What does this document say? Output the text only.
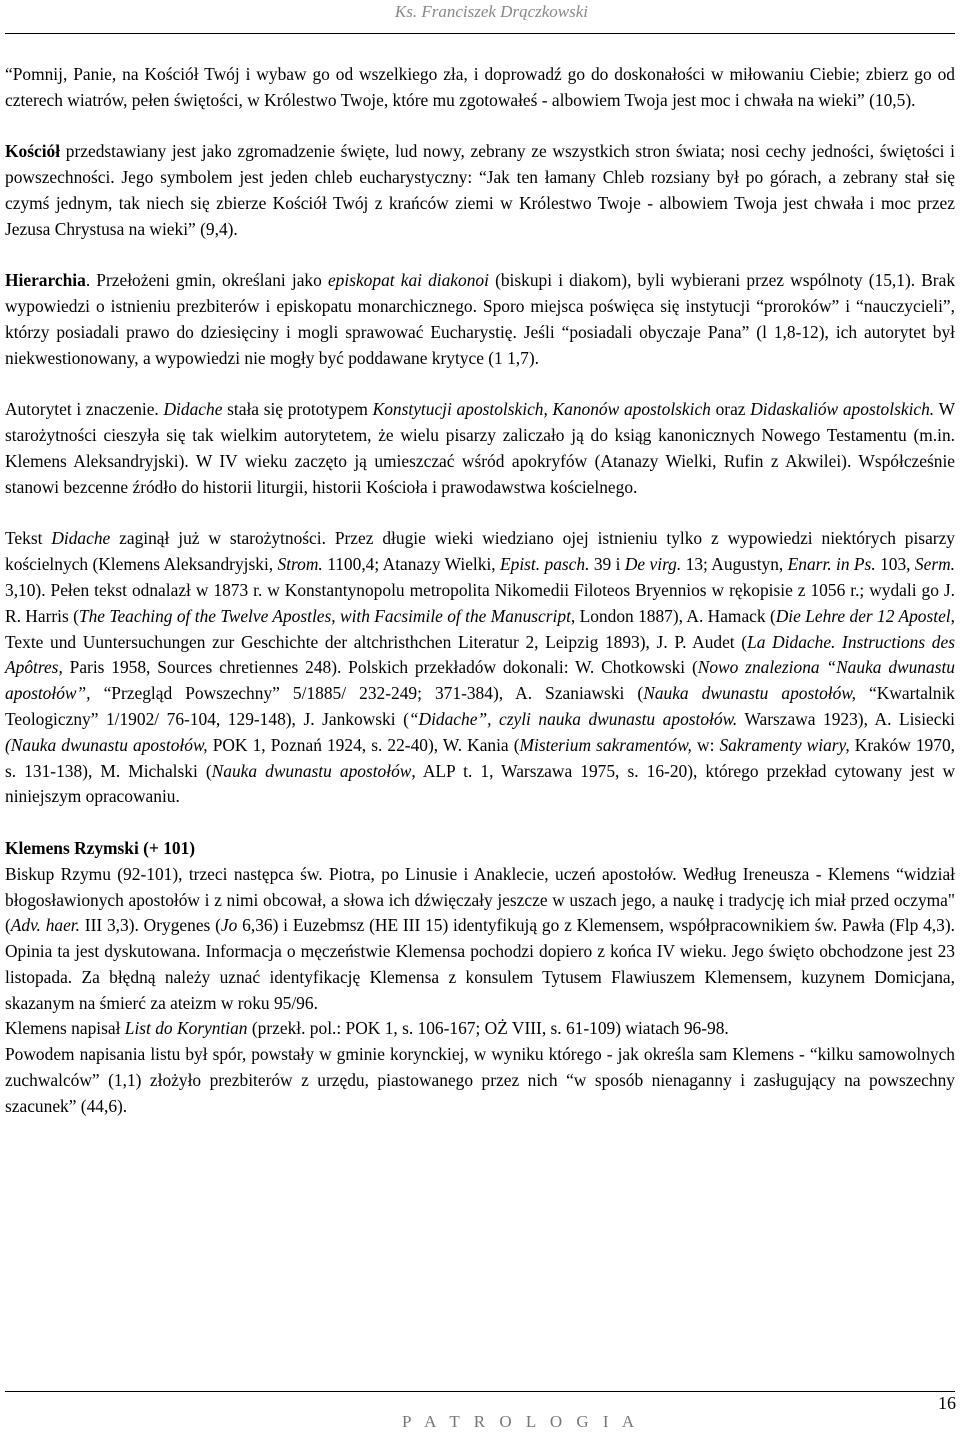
Ks. Franciszek Drączkowski

“Pomnij, Panie, na Kościół Twój i wybaw go od wszelkiego zła, i doprowadź go do doskonałości w miłowaniu Ciebie; zbierz go od czterech wiatrów, pełen świętości, w Królestwo Twoje, które mu zgotowałeś - albowiem Twoja jest moc i chwała na wieki” (10,5).

Kościół przedstawiany jest jako zgromadzenie święte, lud nowy, zebrany ze wszystkich stron świata; nosi cechy jedności, świętości i powszechności. Jego symbolem jest jeden chleb eucharystyczny: “Jak ten łamany Chleb rozsiany był po górach, a zebrany stał się czymś jednym, tak niech się zbierze Kościół Twój z krańców ziemi w Królestwo Twoje - albowiem Twoja jest chwała i moc przez Jezusa Chrystusa na wieki” (9,4).

Hierarchia. Przełożeni gmin, określani jako episkopat kai diakonoi (biskupi i diakom), byli wybierani przez wspólnoty (15,1). Brak wypowiedzi o istnieniu prezbiterów i episkopatu monarchicznego. Sporo miejsca poświęca się instytucji “proroków” i “nauczycieli”, którzy posiadali prawo do dziesięciny i mogli sprawować Eucharystię. Jeśli “posiadali obyczaje Pana” (l 1,8-12), ich autorytet był niekwestionowany, a wypowiedzi nie mogły być poddawane krytyce (1 1,7).

Autorytet i znaczenie. Didache stała się prototypem Konstytucji apostolskich, Kanonów apostolskich oraz Didaskaliów apostolskich. W starożytności cieszyła się tak wielkim autorytetem, że wielu pisarzy zaliczało ją do ksiąg kanonicznych Nowego Testamentu (m.in. Klemens Aleksandryjski). W IV wieku zaczęto ją umieszczać wśród apokryfów (Atanazy Wielki, Rufin z Akwilei). Współcześnie stanowi bezcenne źródło do historii liturgii, historii Kościoła i prawodawstwa kościelnego.

Tekst Didache zaginął już w starożytności. Przez długie wieki wiedziano ojej istnieniu tylko z wypowiedzi niektórych pisarzy kościelnych (Klemens Aleksandryjski, Strom. 1100,4; Atanazy Wielki, Epist. pasch. 39 i De virg. 13; Augustyn, Enarr. in Ps. 103, Serm. 3,10). Pełen tekst odnalazł w 1873 r. w Konstantynopolu metropolita Nikomedii Filoteos Bryennios w rękopisie z 1056 r.; wydali go J. R. Harris (The Teaching of the Twelve Apostles, with Facsimile of the Manuscript, London 1887), A. Hamack (Die Lehre der 12 Apostel, Texte und Uuntersuchungen zur Geschichte der altchristhchen Literatur 2, Leipzig 1893), J. P. Audet (La Didache. Instructions des Apôtres, Paris 1958, Sources chretiennes 248). Polskich przekładów dokonali: W. Chotkowski (Nowo znaleziona “Nauka dwunastu apostołów”, “Przegląd Powszechny” 5/1885/ 232-249; 371-384), A. Szaniawski (Nauka dwunastu apostołów, “Kwartalnik Teologiczny” 1/1902/ 76-104, 129-148), J. Jankowski (“Didache”, czyli nauka dwunastu apostołów. Warszawa 1923), A. Lisiecki (Nauka dwunastu apostołów, POK 1, Poznań 1924, s. 22-40), W. Kania (Misterium sakramentów, w: Sakramenty wiary, Kraków 1970, s. 131-138), M. Michalski (Nauka dwunastu apostołów, ALP t. 1, Warszawa 1975, s. 16-20), którego przekład cytowany jest w niniejszym opracowaniu.

Klemens Rzymski (+ 101)

Biskup Rzymu (92-101), trzeci następca św. Piotra, po Linusie i Anaklecie, uczeń apostołów. Według Ireneusza - Klemens “widział błogosławionych apostołów i z nimi obcował, a słowa ich dźwięczały jeszcze w uszach jego, a naukę i tradycję ich miał przed oczyma" (Adv. haer. III 3,3). Orygenes (Jo 6,36) i Euzebmsz (HE III 15) identyfikują go z Klemensem, współpracownikiem św. Pawła (Flp 4,3). Opinia ta jest dyskutowana. Informacja o męczeństwie Klemensa pochodzi dopiero z końca IV wieku. Jego święto obchodzone jest 23 listopada. Za błędną należy uznać identyfikację Klemensa z konsulem Tytusem Flawiuszem Klemensem, kuzynem Domicjana, skazanym na śmierć za ateizm w roku 95/96.

Klemens napisał List do Koryntian (przekł. pol.: POK 1, s. 106-167; OŻ VIII, s. 61-109) wiatach 96-98.

Powodem napisania listu był spór, powstały w gminie korynckiej, w wyniku którego - jak określa sam Klemens - “kilku samowolnych zuchwalców” (1,1) złożyło prezbiterów z urzędu, piastowanego przez nich “w sposób nienaganny i zasługujący na powszechny szacunek” (44,6).

16
P A T R O L O G I A
